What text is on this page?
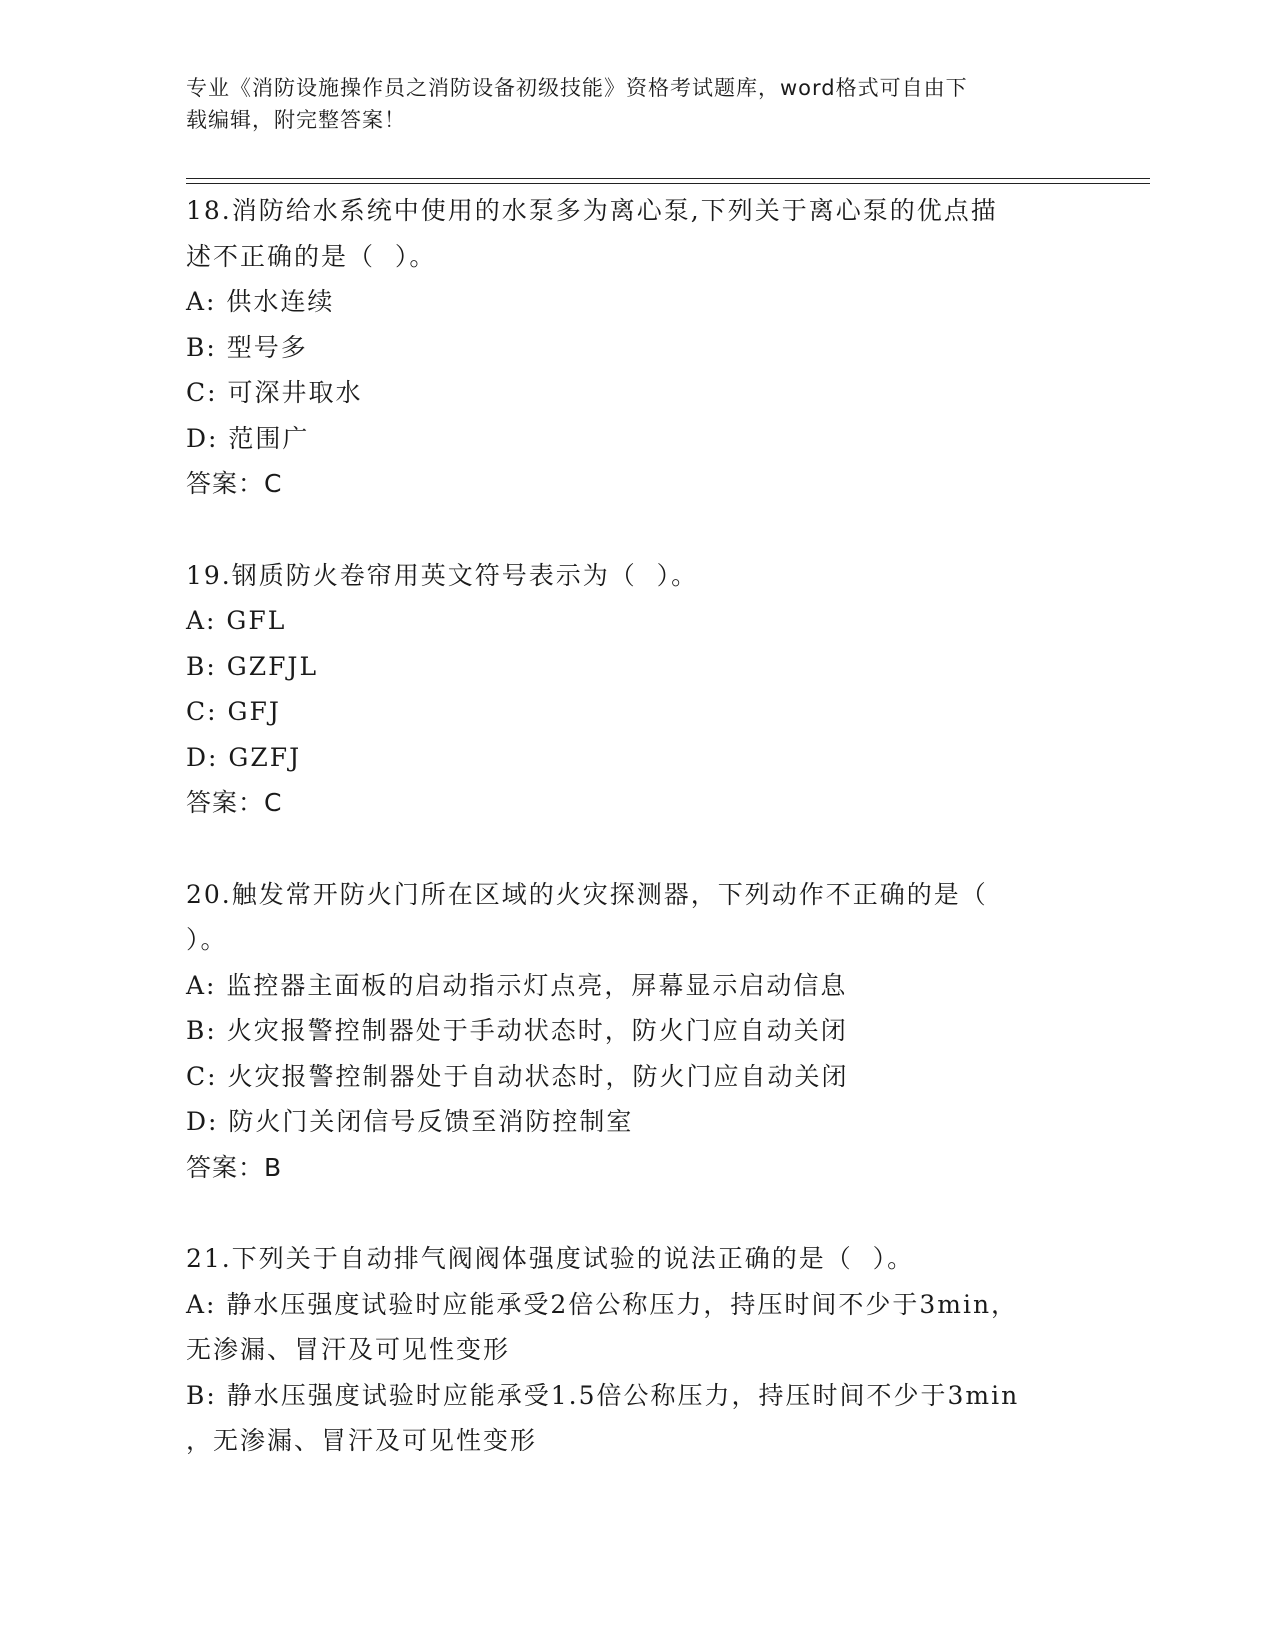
专业《消防设施操作员之消防设备初级技能》资格考试题库，word格式可自由下
载编辑，附完整答案！
18.消防给水系统中使用的水泵多为离心泵,下列关于离心泵的优点描
述不正确的是（  ）。
A: 供水连续
B: 型号多
C: 可深井取水
D: 范围广
答案：C
19.钢质防火卷帘用英文符号表示为（  ）。
A: GFL
B: GZFJL
C: GFJ
D: GZFJ
答案：C
20.触发常开防火门所在区域的火灾探测器，下列动作不正确的是（
）。
A: 监控器主面板的启动指示灯点亮，屏幕显示启动信息
B: 火灾报警控制器处于手动状态时，防火门应自动关闭
C: 火灾报警控制器处于自动状态时，防火门应自动关闭
D: 防火门关闭信号反馈至消防控制室
答案：B
21.下列关于自动排气阀阀体强度试验的说法正确的是（  ）。
A: 静水压强度试验时应能承受2倍公称压力，持压时间不少于3min，
无渗漏、冒汗及可见性变形
B: 静水压强度试验时应能承受1.5倍公称压力，持压时间不少于3min
，无渗漏、冒汗及可见性变形
